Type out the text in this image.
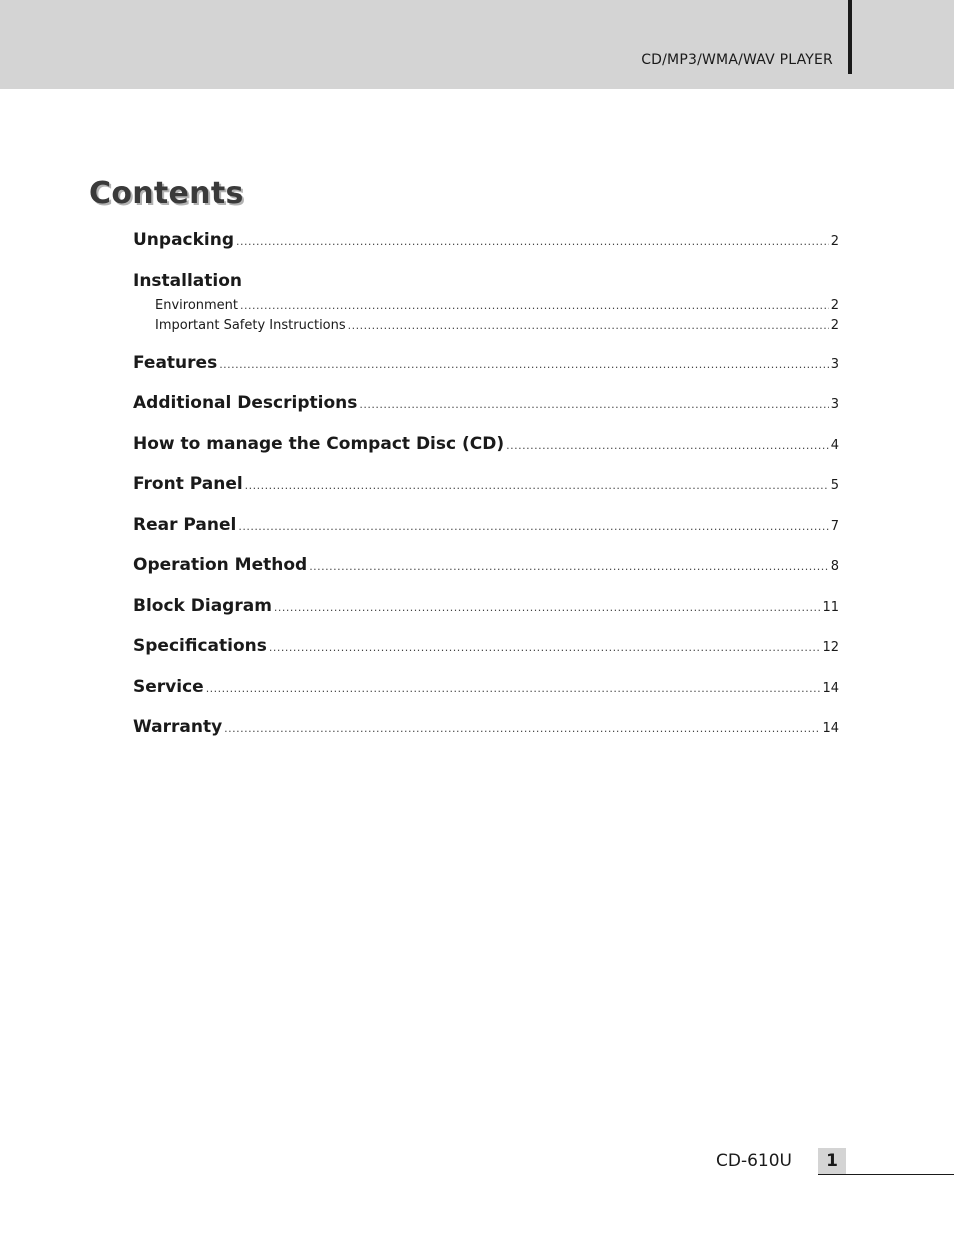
CD/MP3/WMA/WAV PLAYER
Contents
Unpacking .....	2
Installation
Environment .....	2
Important Safety Instructions .....	2
Features .....	3
Additional Descriptions .....	3
How to manage the Compact Disc (CD) .....	4
Front Panel .....	5
Rear Panel .....	7
Operation Method .....	8
Block Diagram .....	11
Specifications .....	12
Service .....	14
Warranty .....	14
CD-610U	1
